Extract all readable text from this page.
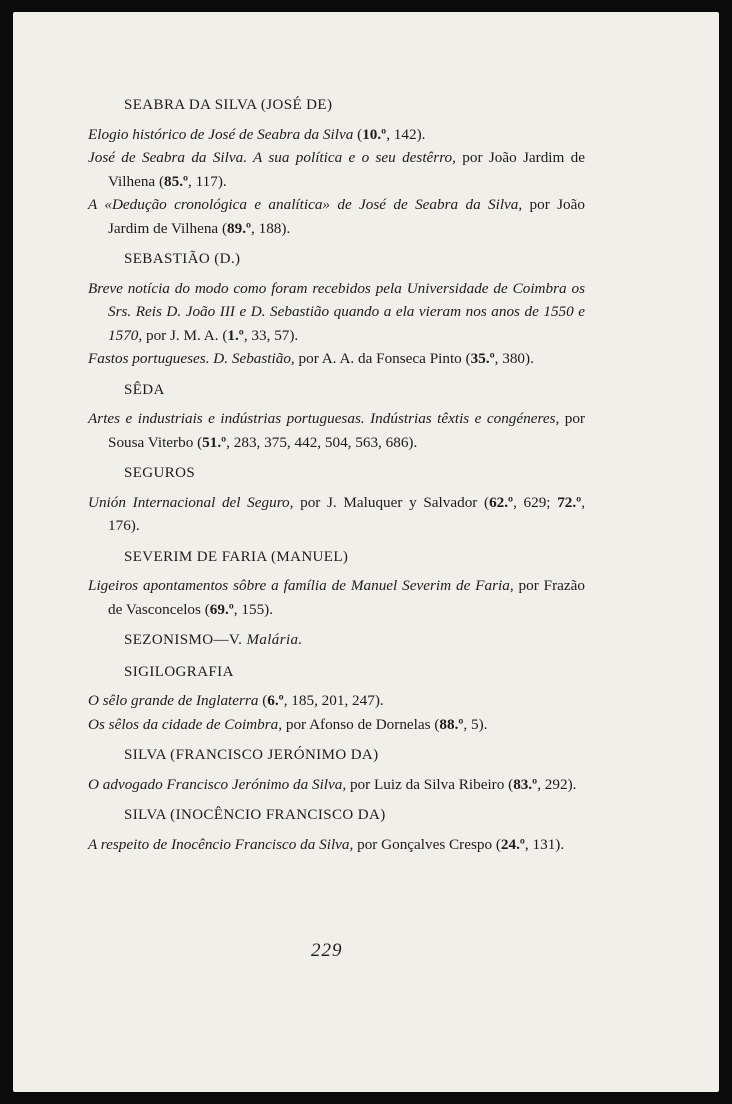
SEABRA DA SILVA (JOSÉ DE)

Elogio histórico de José de Seabra da Silva (10.º, 142).

José de Seabra da Silva. A sua política e o seu destêrro, por João Jardim de Vilhena (85.º, 117).

A «Dedução cronológica e analítica» de José de Seabra da Silva, por João Jardim de Vilhena (89.º, 188).

SEBASTIÃO (D.)

Breve notícia do modo como foram recebidos pela Universidade de Coimbra os Srs. Reis D. João III e D. Sebastião quando a ela vieram nos anos de 1550 e 1570, por J. M. A. (1.º, 33, 57).

Fastos portugueses. D. Sebastião, por A. A. da Fonseca Pinto (35.º, 380).

SÊDA

Artes e industriais e indústrias portuguesas. Indústrias têxtis e congéneres, por Sousa Viterbo (51.º, 283, 375, 442, 504, 563, 686).

SEGUROS

Unión Internacional del Seguro, por J. Maluquer y Salvador (62.º, 629; 72.º, 176).

SEVERIM DE FARIA (MANUEL)

Ligeiros apontamentos sôbre a família de Manuel Severim de Faria, por Frazão de Vasconcelos (69.º, 155).

SEZONISMO—V. Malária.
SIGILOGRAFIA

O sêlo grande de Inglaterra (6.º, 185, 201, 247).

Os sêlos da cidade de Coimbra, por Afonso de Dornelas (88.º, 5).

SILVA (FRANCISCO JERÓNIMO DA)

O advogado Francisco Jerónimo da Silva, por Luiz da Silva Ribeiro (83.º, 292).

SILVA (INOCÊNCIO FRANCISCO DA)

A respeito de Inocêncio Francisco da Silva, por Gonçalves Crespo (24.º, 131).

229
